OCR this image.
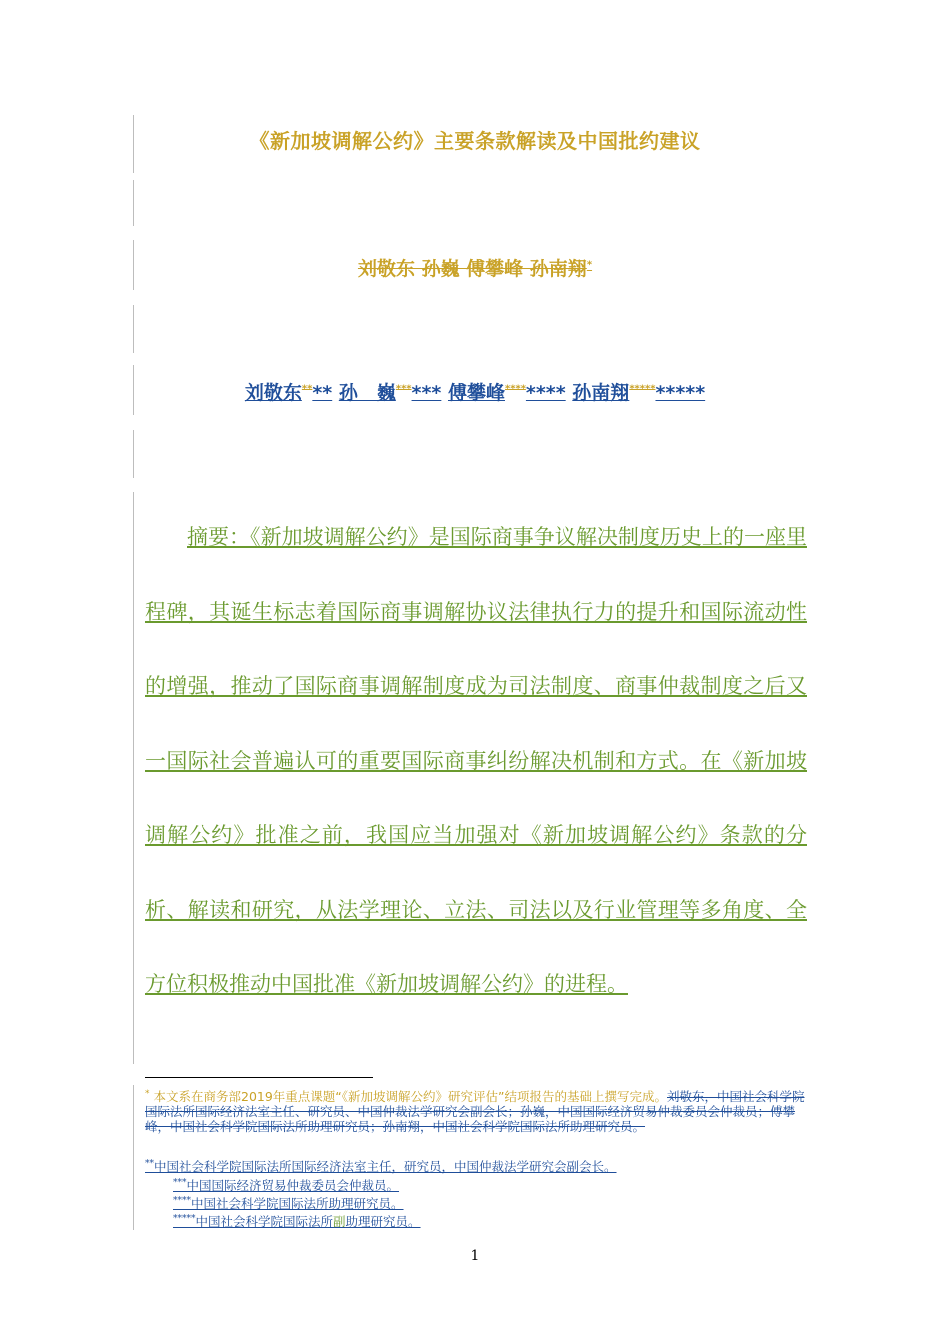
《新加坡调解公约》主要条款解读及中国批约建议
刘敬东 孙巍 傅攀峰 孙南翔*
刘敬东**** 孙　巍****** 傅攀峰******** 孙南翔**********
摘要：《新加坡调解公约》是国际商事争议解决制度历史上的一座里程碑，其诞生标志着国际商事调解协议法律执行力的提升和国际流动性的增强，推动了国际商事调解制度成为司法制度、商事仲裁制度之后又一国际社会普遍认可的重要国际商事纠纷解决机制和方式。在《新加坡调解公约》批准之前，我国应当加强对《新加坡调解公约》条款的分析、解读和研究，从法学理论、立法、司法以及行业管理等多角度、全方位积极推动中国批准《新加坡调解公约》的进程。
* 本文系在商务部2019年重点课题“《新加坡调解公约》研究评估”结项报告的基础上撰写完成。刘敬东，中国社会科学院国际法所国际经济法室主任、研究员、中国仲裁法学研究会副会长；孙巍，中国国际经济贸易仲裁委员会仲裁员；傅攀峰，中国社会科学院国际法所助理研究员；孙南翔，中国社会科学院国际法所助理研究员。
**中国社会科学院国际法所国际经济法室主任，研究员，中国仲裁法学研究会副会长。
***中国国际经济贸易仲裁委员会仲裁员。
****中国社会科学院国际法所助理研究员。
*****中国社会科学院国际法所副助理研究员。
1
